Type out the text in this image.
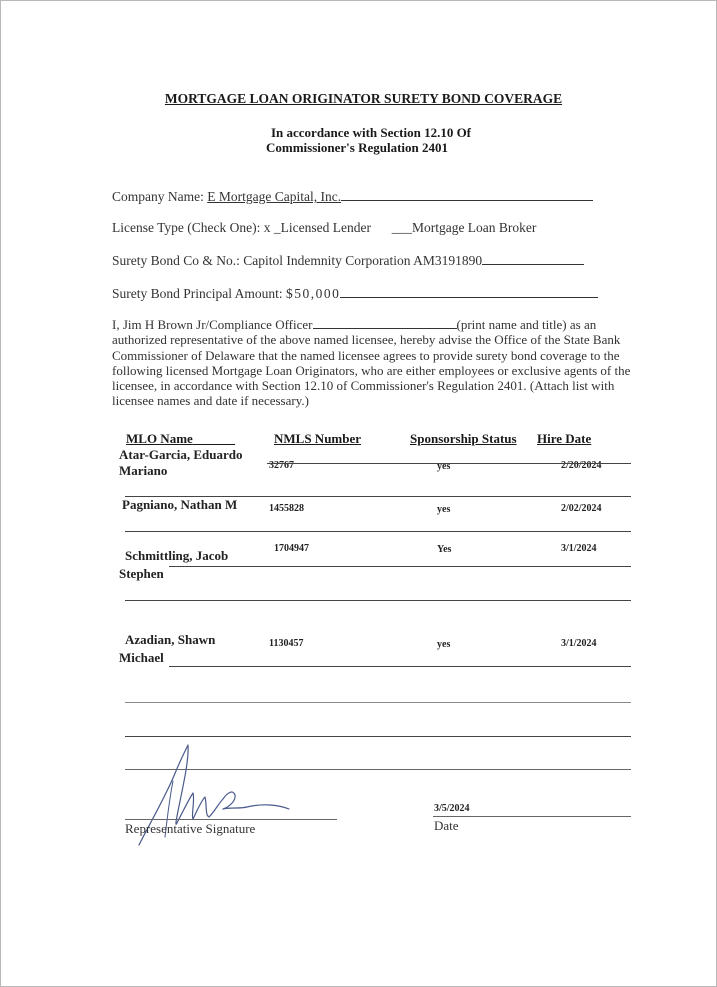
MORTGAGE LOAN ORIGINATOR SURETY BOND COVERAGE
In accordance with Section 12.10 Of
Commissioner's Regulation 2401
Company Name: E Mortgage Capital, Inc.
License Type (Check One): x _Licensed Lender ___Mortgage Loan Broker
Surety Bond Co & No.: Capitol Indemnity Corporation AM3191890
Surety Bond Principal Amount: $50,000
I, Jim H Brown Jr/Compliance Officer	(print name and title) as an authorized representative of the above named licensee, hereby advise the Office of the State Bank Commissioner of Delaware that the named licensee agrees to provide surety bond coverage to the following licensed Mortgage Loan Originators, who are either employees or exclusive agents of the licensee, in accordance with Section 12.10 of Commissioner's Regulation 2401. (Attach list with licensee names and date if necessary.)
MLO Name	NMLS Number	Sponsorship Status Hire Date
Atar-Garcia, Eduardo
Mariano	32767	yes	2/20/2024
Pagniano, Nathan M	1455828	yes	2/02/2024
Schmittling, Jacob
Stephen
1704947	Yes	3/1/2024
Azadian, Shawn
Michael
1130457	yes	3/1/2024
Representative Signature
3/5/2024
Date
